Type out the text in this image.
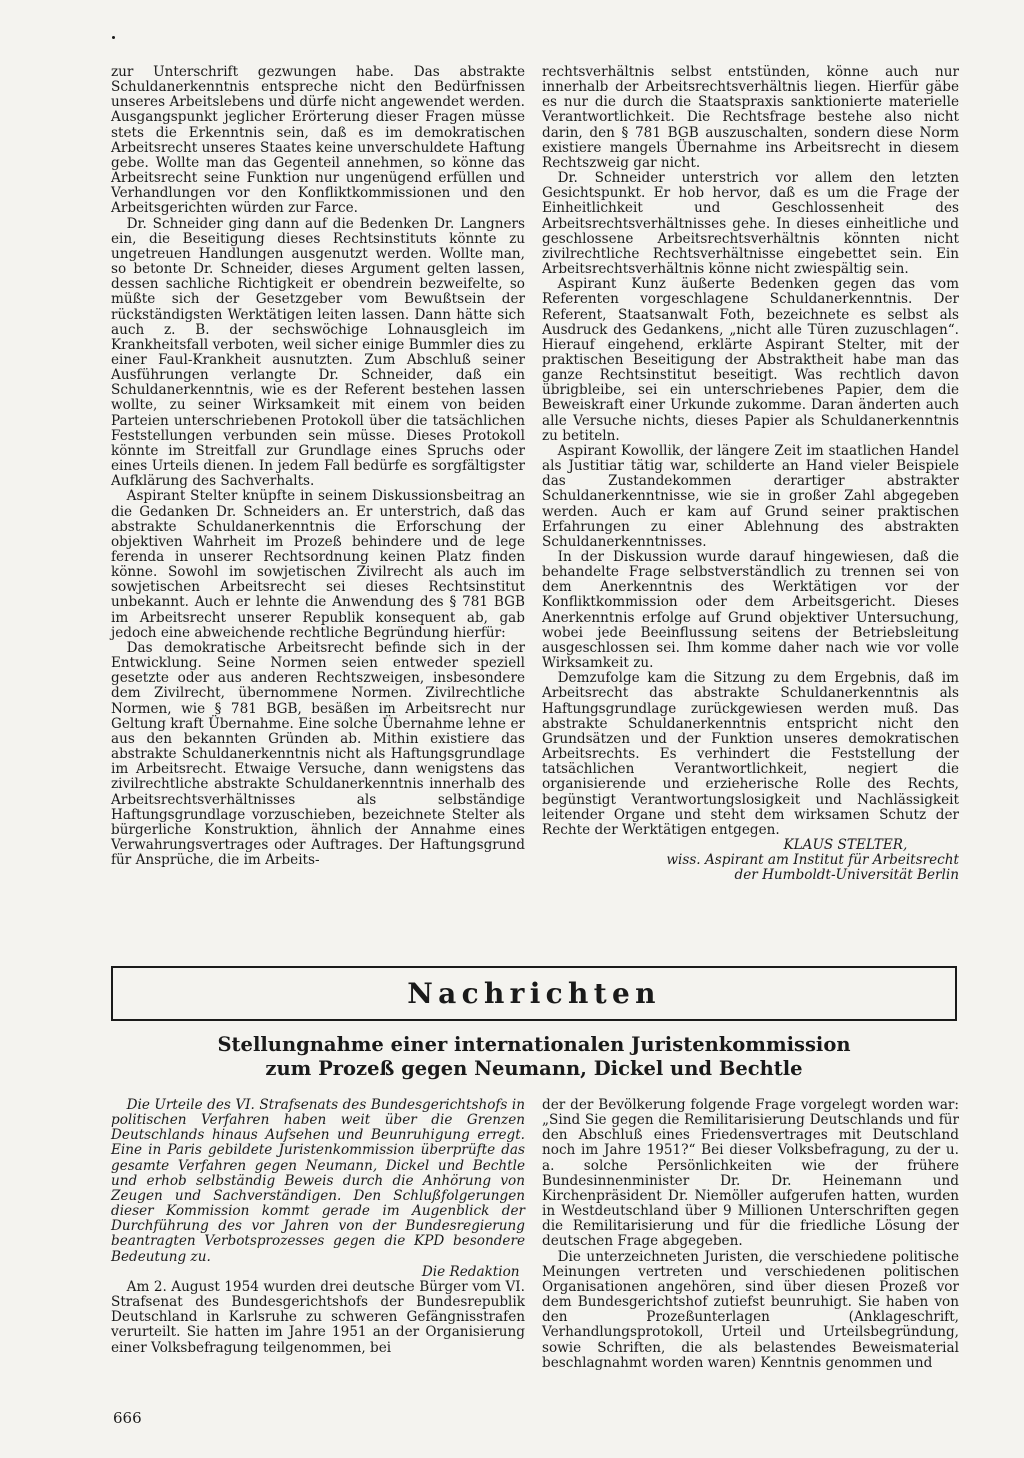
zur Unterschrift gezwungen habe. Das abstrakte Schuldanerkenntnis entspreche nicht den Bedürfnissen unseres Arbeitslebens und dürfe nicht angewendet werden. Ausgangspunkt jeglicher Erörterung dieser Fragen müsse stets die Erkenntnis sein, daß es im demokratischen Arbeitsrecht unseres Staates keine unverschuldete Haftung gebe. Wollte man das Gegenteil annehmen, so könne das Arbeitsrecht seine Funktion nur ungenügend erfüllen und Verhandlungen vor den Konfliktkommissionen und den Arbeitsgerichten würden zur Farce.

Dr. Schneider ging dann auf die Bedenken Dr. Langners ein, die Beseitigung dieses Rechtsinstituts könnte zu ungetreuen Handlungen ausgenutzt werden. Wollte man, so betonte Dr. Schneider, dieses Argument gelten lassen, dessen sachliche Richtigkeit er obendrein bezweifelte, so müßte sich der Gesetzgeber vom Bewußtsein der rückständigsten Werktätigen leiten lassen. Dann hätte sich auch z. B. der sechswöchige Lohnausgleich im Krankheitsfall verboten, weil sicher einige Bummler dies zu einer Faul-Krankheit ausnutzten. Zum Abschluß seiner Ausführungen verlangte Dr. Schneider, daß ein Schuldanerkenntnis, wie es der Referent bestehen lassen wollte, zu seiner Wirksamkeit mit einem von beiden Parteien unterschriebenen Protokoll über die tatsächlichen Feststellungen verbunden sein müsse. Dieses Protokoll könnte im Streitfall zur Grundlage eines Spruchs oder eines Urteils dienen. In jedem Fall bedürfe es sorgfältigster Aufklärung des Sachverhalts.

Aspirant Stelter knüpfte in seinem Diskussionsbeitrag an die Gedanken Dr. Schneiders an. Er unterstrich, daß das abstrakte Schuldanerkenntnis die Erforschung der objektiven Wahrheit im Prozeß behindere und de lege ferenda in unserer Rechtsordnung keinen Platz finden könne. Sowohl im sowjetischen Zivilrecht als auch im sowjetischen Arbeitsrecht sei dieses Rechtsinstitut unbekannt. Auch er lehnte die Anwendung des § 781 BGB im Arbeitsrecht unserer Republik konsequent ab, gab jedoch eine abweichende rechtliche Begründung hierfür:

Das demokratische Arbeitsrecht befinde sich in der Entwicklung. Seine Normen seien entweder speziell gesetzte oder aus anderen Rechtszweigen, insbesondere dem Zivilrecht, übernommene Normen. Zivilrechtliche Normen, wie § 781 BGB, besäßen im Arbeitsrecht nur Geltung kraft Übernahme. Eine solche Übernahme lehne er aus den bekannten Gründen ab. Mithin existiere das abstrakte Schuldanerkenntnis nicht als Haftungsgrundlage im Arbeitsrecht. Etwaige Versuche, dann wenigstens das zivilrechtliche abstrakte Schuldanerkenntnis innerhalb des Arbeitsrechtsverhältnisses als selbständige Haftungsgrundlage vorzuschieben, bezeichnete Stelter als bürgerliche Konstruktion, ähnlich der Annahme eines Verwahrungsvertrages oder Auftrages. Der Haftungsgrund für Ansprüche, die im Arbeits-

rechtsverhältnis selbst entstünden, könne auch nur innerhalb der Arbeitsrechtsverhältnis liegen. Hierfür gäbe es nur die durch die Staatspraxis sanktionierte materielle Verantwortlichkeit. Die Rechtsfrage bestehe also nicht darin, den § 781 BGB auszuschalten, sondern diese Norm existiere mangels Übernahme ins Arbeitsrecht in diesem Rechtszweig gar nicht.

Dr. Schneider unterstrich vor allem den letzten Gesichtspunkt. Er hob hervor, daß es um die Frage der Einheitlichkeit und Geschlossenheit des Arbeitsrechtsverhältnisses gehe. In dieses einheitliche und geschlossene Arbeitsrechtsverhältnis könnten nicht zivilrechtliche Rechtsverhältnisse eingebettet sein. Ein Arbeitsrechtsverhältnis könne nicht zwiespältig sein.

Aspirant Kunz äußerte Bedenken gegen das vom Referenten vorgeschlagene Schuldanerkenntnis. Der Referent, Staatsanwalt Foth, bezeichnete es selbst als Ausdruck des Gedankens, „nicht alle Türen zuzuschlagen“. Hierauf eingehend, erklärte Aspirant Stelter, mit der praktischen Beseitigung der Abstraktheit habe man das ganze Rechtsinstitut beseitigt. Was rechtlich davon übrigbleibe, sei ein unterschriebenes Papier, dem die Beweiskraft einer Urkunde zukomme. Daran änderten auch alle Versuche nichts, dieses Papier als Schuldanerkenntnis zu betiteln.

Aspirant Kowollik, der längere Zeit im staatlichen Handel als Justitiar tätig war, schilderte an Hand vieler Beispiele das Zustandekommen derartiger abstrakter Schuldanerkenntnisse, wie sie in großer Zahl abgegeben werden. Auch er kam auf Grund seiner praktischen Erfahrungen zu einer Ablehnung des abstrakten Schuldanerkenntnisses.

In der Diskussion wurde darauf hingewiesen, daß die behandelte Frage selbstverständlich zu trennen sei von dem Anerkenntnis des Werktätigen vor der Konfliktkommission oder dem Arbeitsgericht. Dieses Anerkenntnis erfolge auf Grund objektiver Untersuchung, wobei jede Beeinflussung seitens der Betriebsleitung ausgeschlossen sei. Ihm komme daher nach wie vor volle Wirksamkeit zu.

Demzufolge kam die Sitzung zu dem Ergebnis, daß im Arbeitsrecht das abstrakte Schuldanerkenntnis als Haftungsgrundlage zurückgewiesen werden muß. Das abstrakte Schuldanerkenntnis entspricht nicht den Grundsätzen und der Funktion unseres demokratischen Arbeitsrechts. Es verhindert die Feststellung der tatsächlichen Verantwortlichkeit, negiert die organisierende und erzieherische Rolle des Rechts, begünstigt Verantwortungslosigkeit und Nachlässigkeit leitender Organe und steht dem wirksamen Schutz der Rechte der Werktätigen entgegen.

KLAUS STELTER,

wiss. Aspirant am Institut für Arbeitsrecht

der Humboldt-Universität Berlin

Nachrichten
Stellungnahme einer internationalen Juristenkommission
zum Prozeß gegen Neumann, Dickel und Bechtle

Die Urteile des VI. Strafsenats des Bundesgerichtshofs in politischen Verfahren haben weit über die Grenzen Deutschlands hinaus Aufsehen und Beunruhigung erregt. Eine in Paris gebildete Juristenkommission überprüfte das gesamte Verfahren gegen Neumann, Dickel und Bechtle und erhob selbständig Beweis durch die Anhörung von Zeugen und Sachverständigen. Den Schlußfolgerungen dieser Kommission kommt gerade im Augenblick der Durchführung des vor Jahren von der Bundesregierung beantragten Verbotsprozesses gegen die KPD besondere Bedeutung zu.

Die Redaktion

Am 2. August 1954 wurden drei deutsche Bürger vom VI. Strafsenat des Bundesgerichtshofs der Bundesrepublik Deutschland in Karlsruhe zu schweren Gefängnisstrafen verurteilt. Sie hatten im Jahre 1951 an der Organisierung einer Volksbefragung teilgenommen, bei

der der Bevölkerung folgende Frage vorgelegt worden war: „Sind Sie gegen die Remilitarisierung Deutschlands und für den Abschluß eines Friedensvertrages mit Deutschland noch im Jahre 1951?“ Bei dieser Volksbefragung, zu der u. a. solche Persönlichkeiten wie der frühere Bundesinnenminister Dr. Dr. Heinemann und Kirchenpräsident Dr. Niemöller aufgerufen hatten, wurden in Westdeutschland über 9 Millionen Unterschriften gegen die Remilitarisierung und für die friedliche Lösung der deutschen Frage abgegeben.

Die unterzeichneten Juristen, die verschiedene politische Meinungen vertreten und verschiedenen politischen Organisationen angehören, sind über diesen Prozeß vor dem Bundesgerichtshof zutiefst beunruhigt. Sie haben von den Prozeßunterlagen (Anklageschrift, Verhandlungsprotokoll, Urteil und Urteilsbegründung, sowie Schriften, die als belastendes Beweismaterial beschlagnahmt worden waren) Kenntnis genommen und

666
